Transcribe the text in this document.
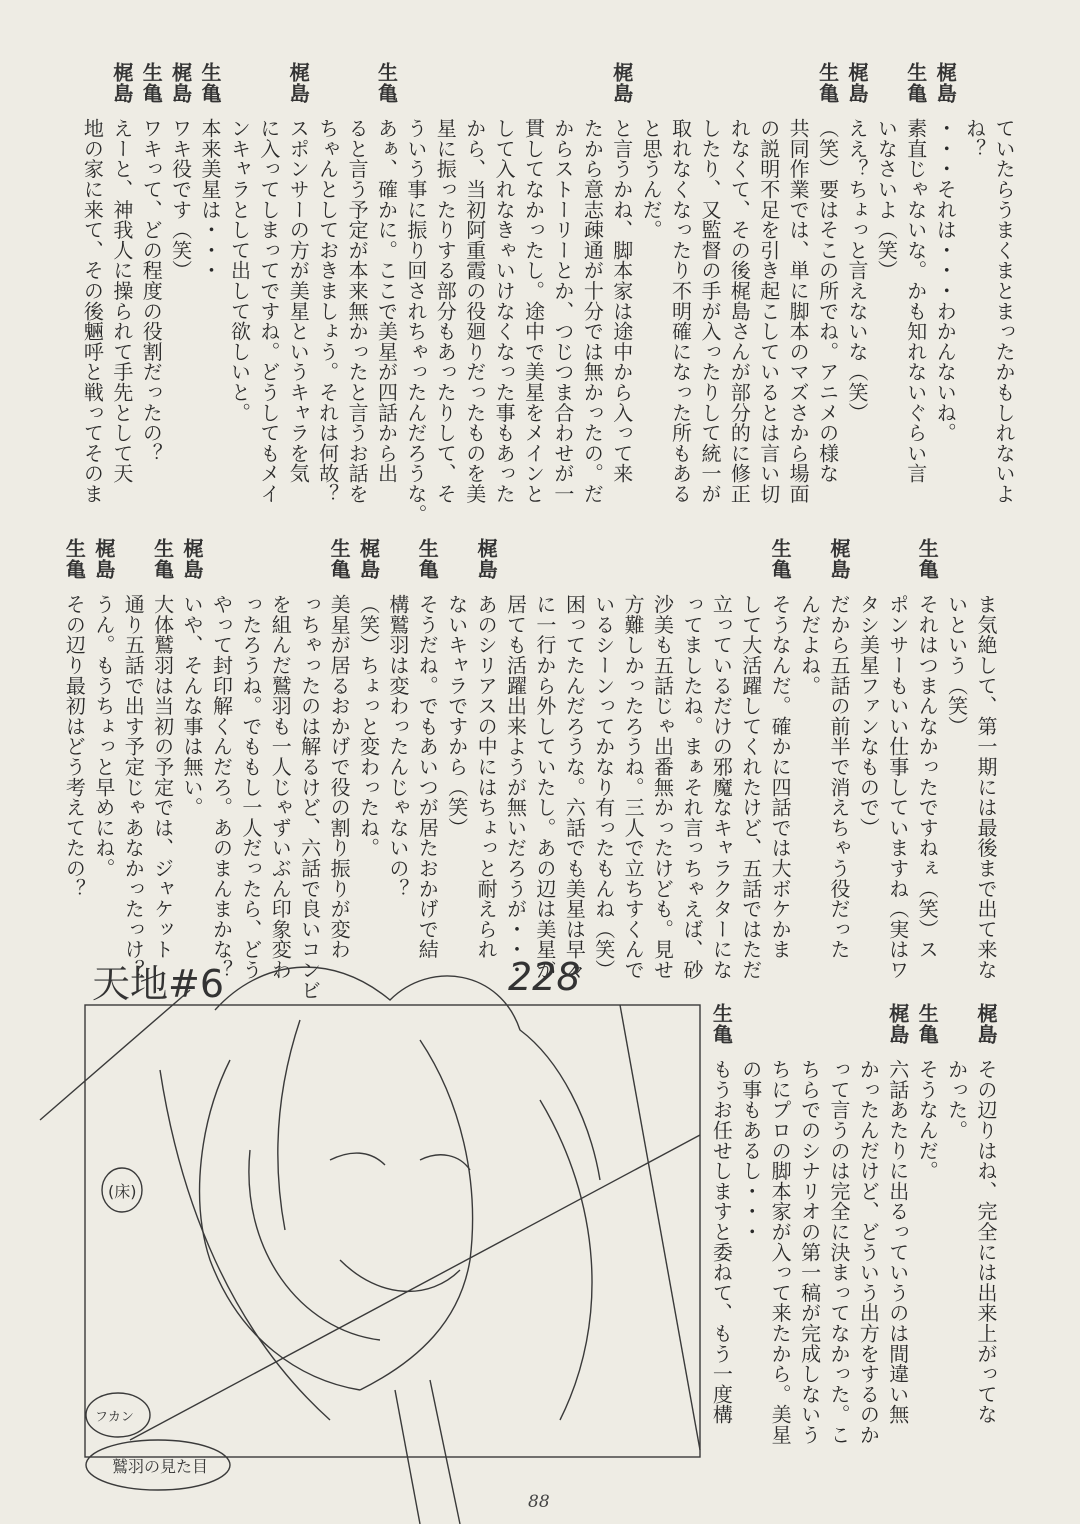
ていたらうまくまとまったかもしれないよ
ね？
梶島・・・それは・・・わかんないね。
生亀素直じゃないな。かも知れないぐらい言
いなさいよ（笑）
梶島ええ？ちょっと言えないな（笑）
生亀（笑）要はそこの所でね。アニメの様な
共同作業では、単に脚本のマズさから場面
の説明不足を引き起こしているとは言い切
れなくて、その後梶島さんが部分的に修正
したり、又監督の手が入ったりして統一が
取れなくなったり不明確になった所もある
と思うんだ。
梶島と言うかね、脚本家は途中から入って来
たから意志疎通が十分では無かったの。だ
からストーリーとか、つじつま合わせが一
貫してなかったし。途中で美星をメインと
して入れなきゃいけなくなった事もあった
から、当初阿重霞の役廻りだったものを美
星に振ったりする部分もあったりして、そ
ういう事に振り回されちゃったんだろうな。
生亀あぁ、確かに。ここで美星が四話から出
ると言う予定が本来無かったと言うお話を
ちゃんとしておきましょう。それは何故？
梶島スポンサーの方が美星というキャラを気
に入ってしまってですね。どうしてもメイ
ンキャラとして出して欲しいと。
生亀本来美星は・・・
梶島ワキ役です（笑）
生亀ワキって、どの程度の役割だったの？
梶島えーと、神我人に操られて手先として天
地の家に来て、その後魎呼と戦ってそのま
ま気絶して、第一期には最後まで出て来な
いという（笑）
生亀それはつまんなかったですねぇ（笑）ス
ポンサーもいい仕事していますね（実はワ
タシ美星ファンなもので）
梶島だから五話の前半で消えちゃう役だった
んだよね。
生亀そうなんだ。確かに四話では大ボケかま
して大活躍してくれたけど、五話ではただ
立っているだけの邪魔なキャラクターにな
ってましたね。まぁそれ言っちゃえば、砂
沙美も五話じゃ出番無かったけども。見せ
方難しかったろうね。三人で立ちすくんで
いるシーンってかなり有ったもんね（笑）
困ってたんだろうな。六話でも美星は早々
に一行から外していたし。あの辺は美星が
居ても活躍出来ようが無いだろうが・・・
梶島あのシリアスの中にはちょっと耐えられ
ないキャラですから（笑）
生亀そうだね。でもあいつが居たおかげで結
構鷲羽は変わったんじゃないの？
梶島（笑）ちょっと変わったね。
生亀美星が居るおかげで役の割り振りが変わ
っちゃったのは解るけど、六話で良いコンビ
を組んだ鷲羽も一人じゃずいぶん印象変わ
ったろうね。でももし一人だったら、どう
やって封印解くんだろ。あのまんまかな？
梶島いや、そんな事は無い。
生亀大体鷲羽は当初の予定では、ジャケット
通り五話で出す予定じゃあなかったっけ？
梶島うん。もうちょっと早めにね。
生亀その辺り最初はどう考えてたの？
梶島その辺りはね、完全には出来上がってな
かった。
生亀そうなんだ。
梶島六話あたりに出るっていうのは間違い無
かったんだけど、どういう出方をするのか
って言うのは完全に決まってなかった。こ
ちらでのシナリオの第一稿が完成しないう
ちにプロの脚本家が入って来たから。美星
の事もあるし・・・
生亀もうお任せしますと委ねて、もう一度構
天地#6	228
(床)
フカン
鷲羽の見た目
88
